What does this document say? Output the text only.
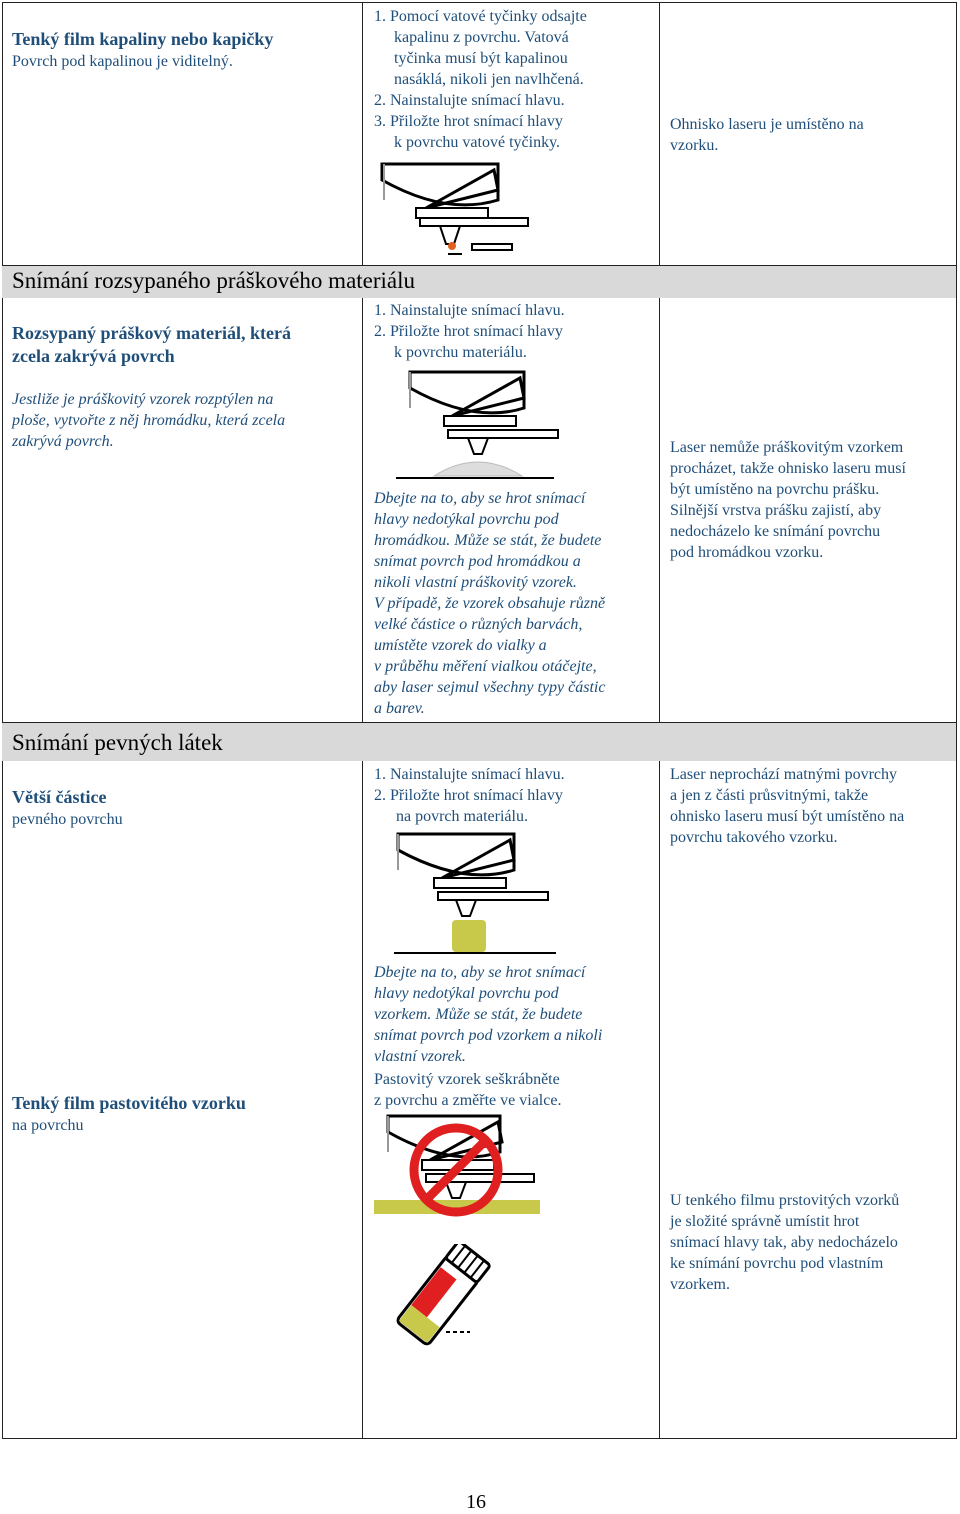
Snímání rozsypaného práškového materiálu
Snímání pevných látek
Tenký film kapaliny nebo kapičky
Povrch pod kapalinou je viditelný.
1. Pomocí vatové tyčinky odsajte
kapalinu z povrchu. Vatová
tyčinka musí být kapalinou
nasáklá, nikoli jen navlhčená.
2. Nainstalujte snímací hlavu.
3. Přiložte hrot snímací hlavy
k povrchu vatové tyčinky.
Ohnisko laseru je umístěno na
vzorku.
Rozsypaný práškový materiál, která
zcela zakrývá povrch
Jestliže je práškovitý vzorek rozptýlen na
ploše, vytvořte z něj hromádku, která zcela
zakrývá povrch.
1. Nainstalujte snímací hlavu.
2. Přiložte hrot snímací hlavy
k povrchu materiálu.
Dbejte na to, aby se hrot snímací
hlavy nedotýkal povrchu pod
hromádkou. Může se stát, že budete
snímat povrch pod hromádkou a
nikoli vlastní práškovitý vzorek.
V případě, že vzorek obsahuje různě
velké částice o různých barvách,
umístěte vzorek do vialky a
v průběhu měření vialkou otáčejte,
aby laser sejmul všechny typy částic
a barev.
Laser nemůže práškovitým vzorkem
procházet, takže ohnisko laseru musí
být umístěno na povrchu prášku.
Silnější vrstva prášku zajistí, aby
nedocházelo ke snímání povrchu
pod hromádkou vzorku.
Větší částice
pevného povrchu
1. Nainstalujte snímací hlavu.
2. Přiložte hrot snímací hlavy
na povrch materiálu.
Dbejte na to, aby se hrot snímací
hlavy nedotýkal povrchu pod
vzorkem. Může se stát, že budete
snímat povrch pod vzorkem a nikoli
vlastní vzorek.
Laser neprochází matnými povrchy
a jen z části průsvitnými, takže
ohnisko laseru musí být umístěno na
povrchu takového vzorku.
Tenký film pastovitého vzorku
na povrchu
Pastovitý vzorek seškrábněte
z povrchu a změřte ve vialce.
U tenkého filmu prstovitých vzorků
je složité správně umístit hrot
snímací hlavy tak, aby nedocházelo
ke snímání povrchu pod vlastním
vzorkem.
16
